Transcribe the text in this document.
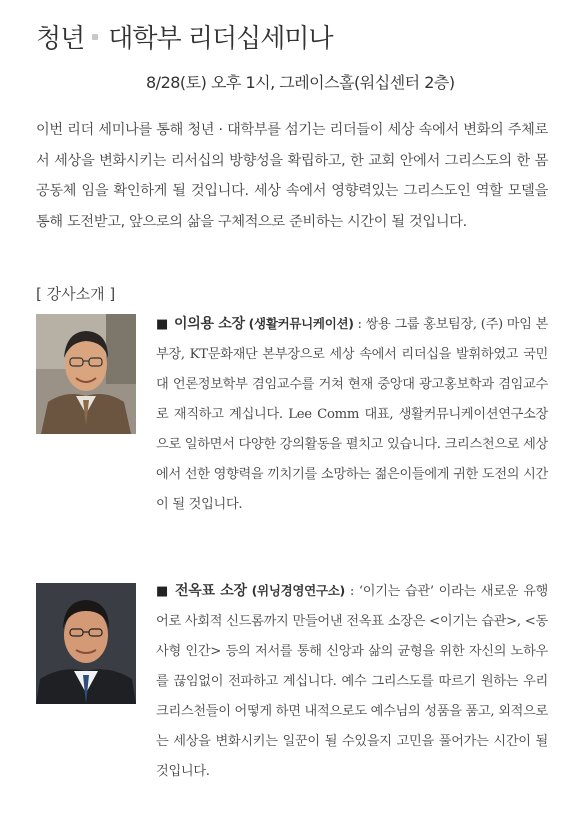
청년 대학부 리더십세미나
8/28(토) 오후 1시, 그레이스홀(워십센터 2층)

이번 리더 세미나를 통해 청년 · 대학부를 섬기는 리더들이 세상 속에서 변화의 주체로서 세상을 변화시키는 리서십의 방향성을 확립하고, 한 교회 안에서 그리스도의 한 몸 공동체 임을 확인하게 될 것입니다. 세상 속에서 영향력있는 그리스도인 역할 모델을 통해 도전받고, 앞으로의 삶을 구체적으로 준비하는 시간이 될 것입니다.

[ 강사소개 ]
■ 이의용 소장 (생활커뮤니케이션) : 쌍용 그룹 홍보팀장, (주) 마임 본부장, KT문화재단 본부장으로 세상 속에서 리더십을 발휘하였고 국민대 언론정보학부 겸임교수를 거쳐 현재 중앙대 광고홍보학과 겸임교수로 재직하고 계십니다. Lee Comm 대표, 생활커뮤니케이션연구소장으로 일하면서 다양한 강의활동을 펼치고 있습니다. 크리스천으로 세상에서 선한 영향력을 끼치기를 소망하는 젊은이들에게 귀한 도전의 시간이 될 것입니다.
■ 전옥표 소장 (위닝경영연구소) : ‘이기는 습관’ 이라는 새로운 유행어로 사회적 신드롬까지 만들어낸 전옥표 소장은 <이기는 습관>, <동사형 인간> 등의 저서를 통해 신앙과 삶의 균형을 위한 자신의 노하우를 끊임없이 전파하고 계십니다. 예수 그리스도를 따르기 원하는 우리 크리스천들이 어떻게 하면 내적으로도 예수님의 성품을 품고, 외적으로는 세상을 변화시키는 일꾼이 될 수있을지 고민을 풀어가는 시간이 될 것입니다.
